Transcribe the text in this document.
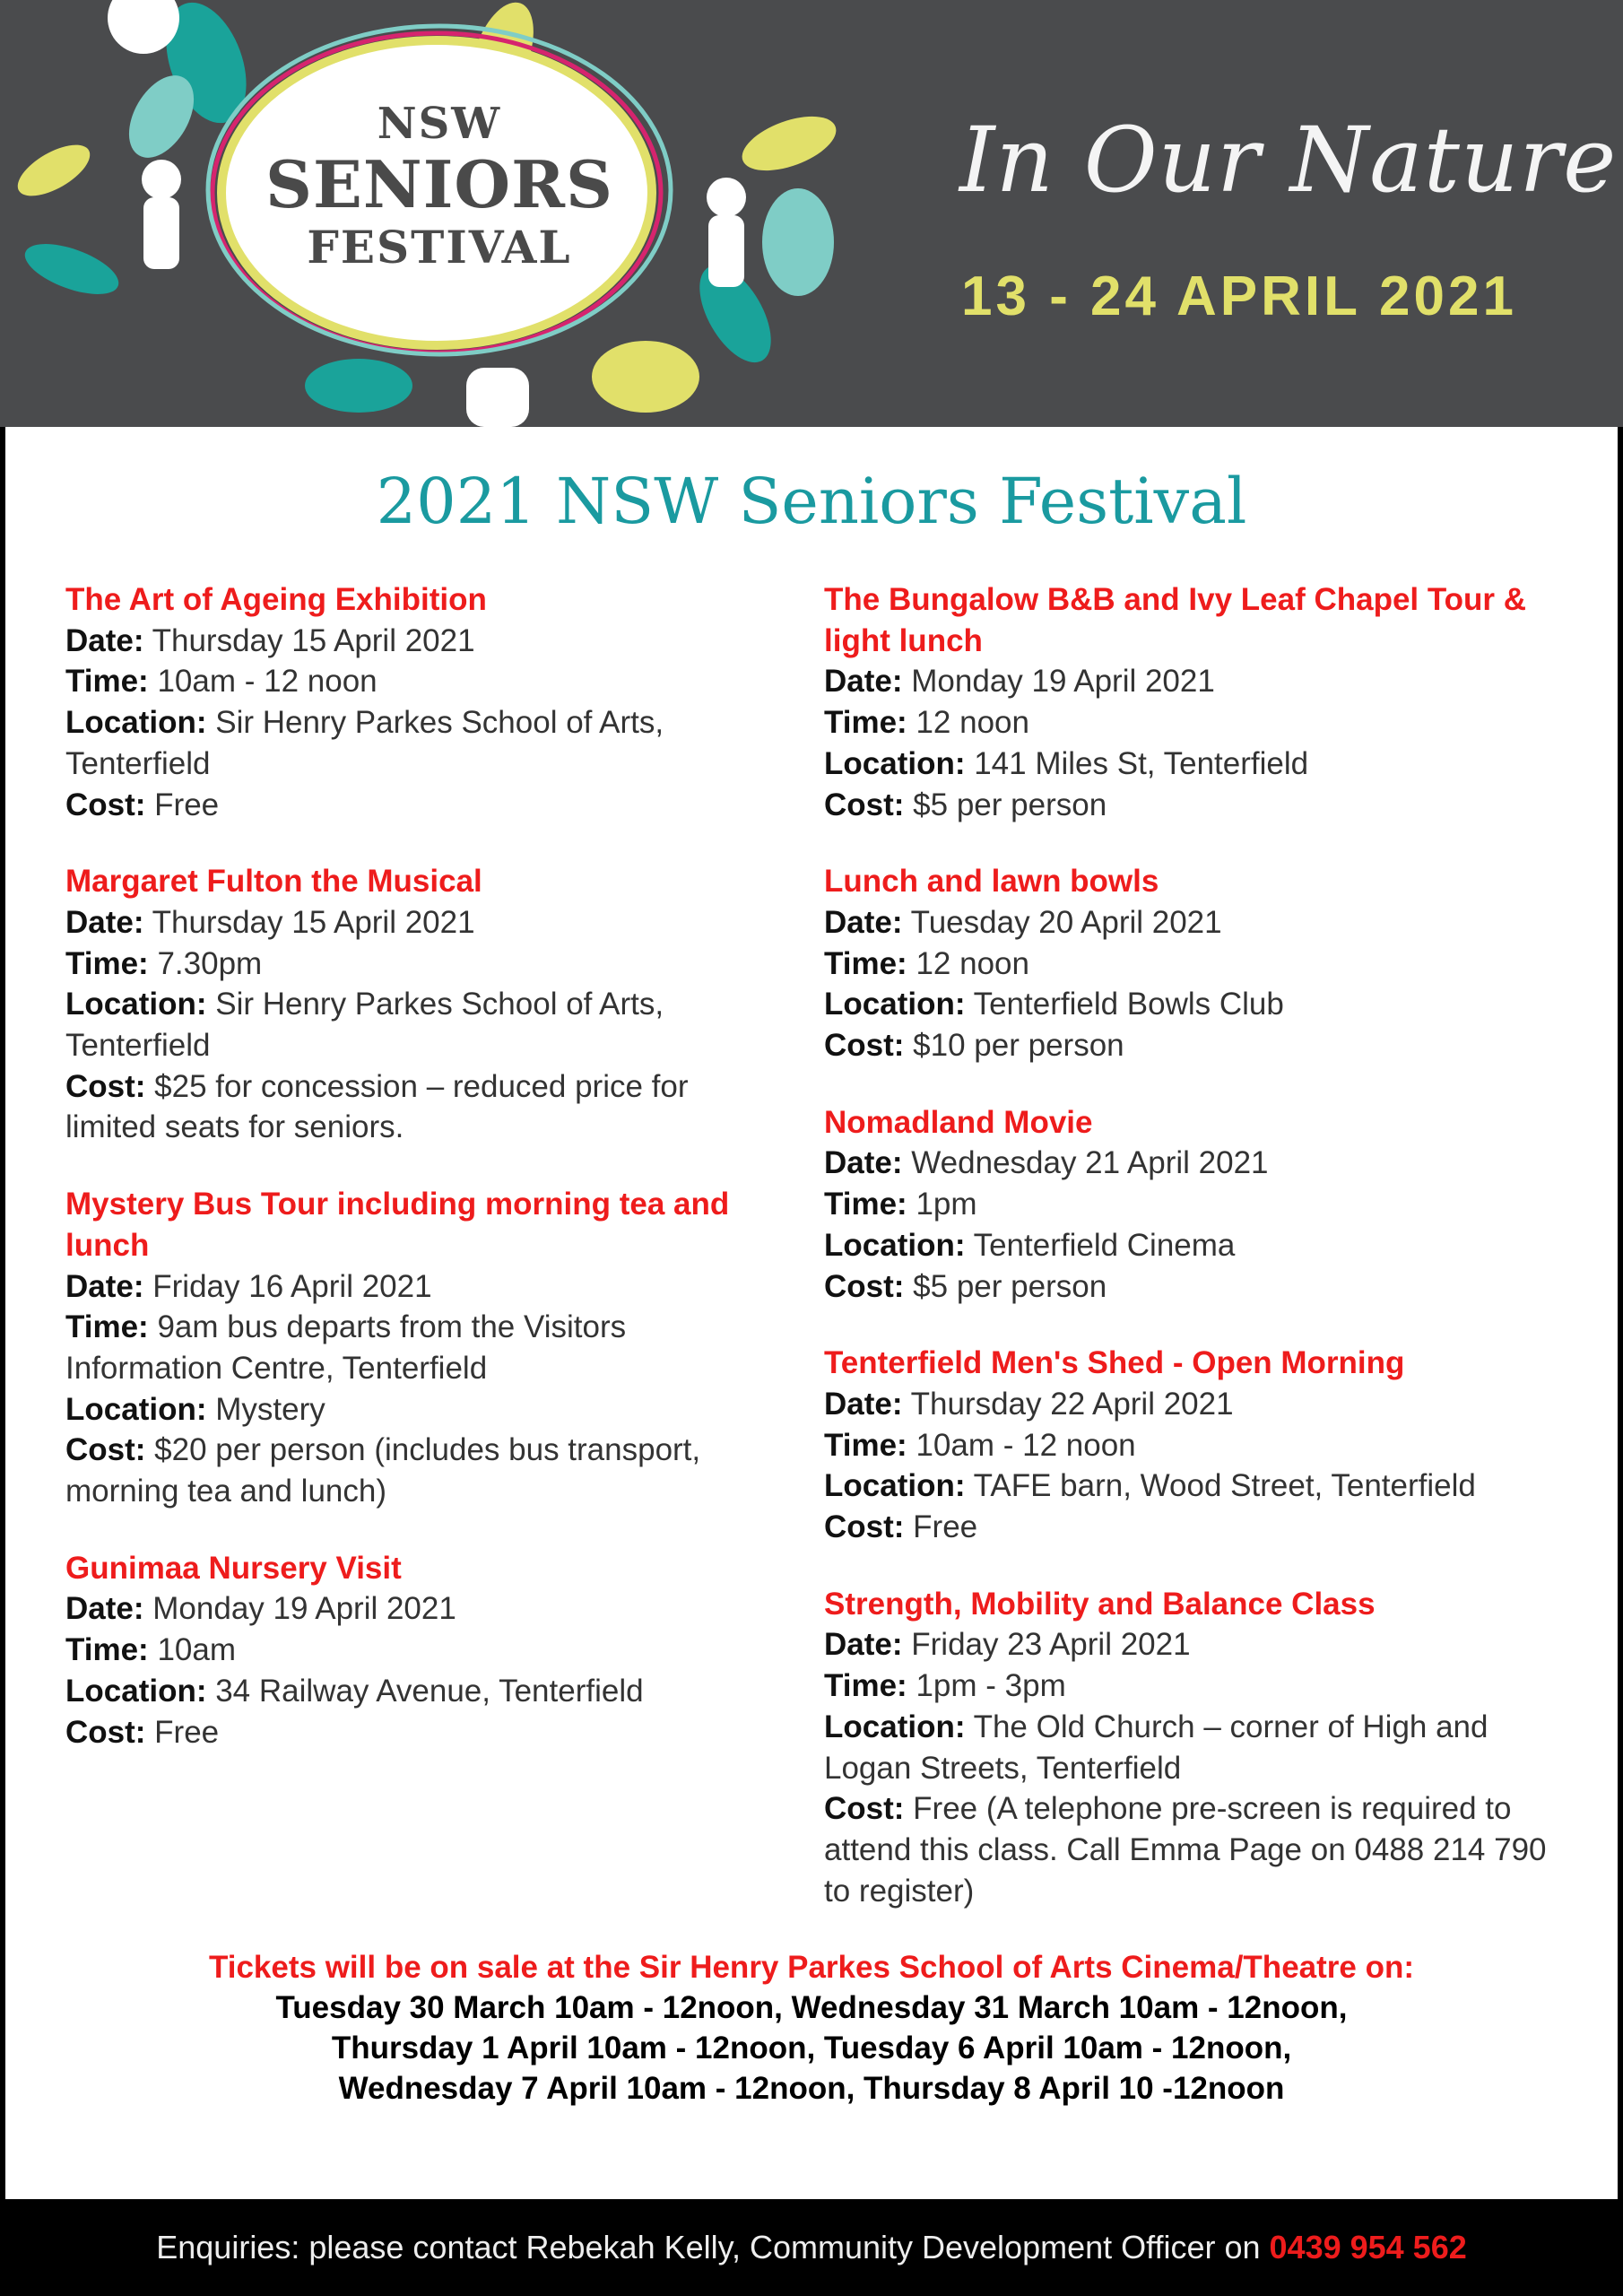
NSW
SENIORS
FESTIVAL
In Our Nature
13 - 24 APRIL 2021
2021 NSW Seniors Festival
The Art of Ageing Exhibition
Date: Thursday 15 April 2021
Time: 10am - 12 noon
Location: Sir Henry Parkes School of Arts, Tenterfield
Cost: Free
Margaret Fulton the Musical
Date: Thursday 15 April 2021
Time: 7.30pm
Location: Sir Henry Parkes School of Arts, Tenterfield
Cost: $25 for concession – reduced price for limited seats for seniors.
Mystery Bus Tour including morning tea and lunch
Date: Friday 16 April 2021
Time: 9am bus departs from the Visitors Information Centre, Tenterfield
Location: Mystery
Cost: $20 per person (includes bus transport, morning tea and lunch)
Gunimaa Nursery Visit
Date: Monday 19 April 2021
Time: 10am
Location: 34 Railway Avenue, Tenterfield
Cost: Free
The Bungalow B&B and Ivy Leaf Chapel Tour & light lunch
Date: Monday 19 April 2021
Time: 12 noon
Location: 141 Miles St, Tenterfield
Cost: $5 per person
Lunch and lawn bowls
Date: Tuesday 20 April 2021
Time: 12 noon
Location: Tenterfield Bowls Club
Cost: $10 per person
Nomadland Movie
Date: Wednesday 21 April 2021
Time: 1pm
Location: Tenterfield Cinema
Cost: $5 per person
Tenterfield Men's Shed - Open Morning
Date: Thursday 22 April 2021
Time: 10am - 12 noon
Location: TAFE barn, Wood Street, Tenterfield
Cost: Free
Strength, Mobility and Balance Class
Date: Friday 23 April 2021
Time: 1pm - 3pm
Location: The Old Church – corner of High and Logan Streets, Tenterfield
Cost: Free (A telephone pre-screen is required to attend this class. Call Emma Page on 0488 214 790 to register)
Tickets will be on sale at the Sir Henry Parkes School of Arts Cinema/Theatre on:
Tuesday 30 March 10am - 12noon, Wednesday 31 March 10am - 12noon,
Thursday 1 April 10am - 12noon, Tuesday 6 April 10am - 12noon,
Wednesday 7 April 10am - 12noon, Thursday 8 April 10 -12noon
Enquiries: please contact Rebekah Kelly, Community Development Officer on 0439 954 562
